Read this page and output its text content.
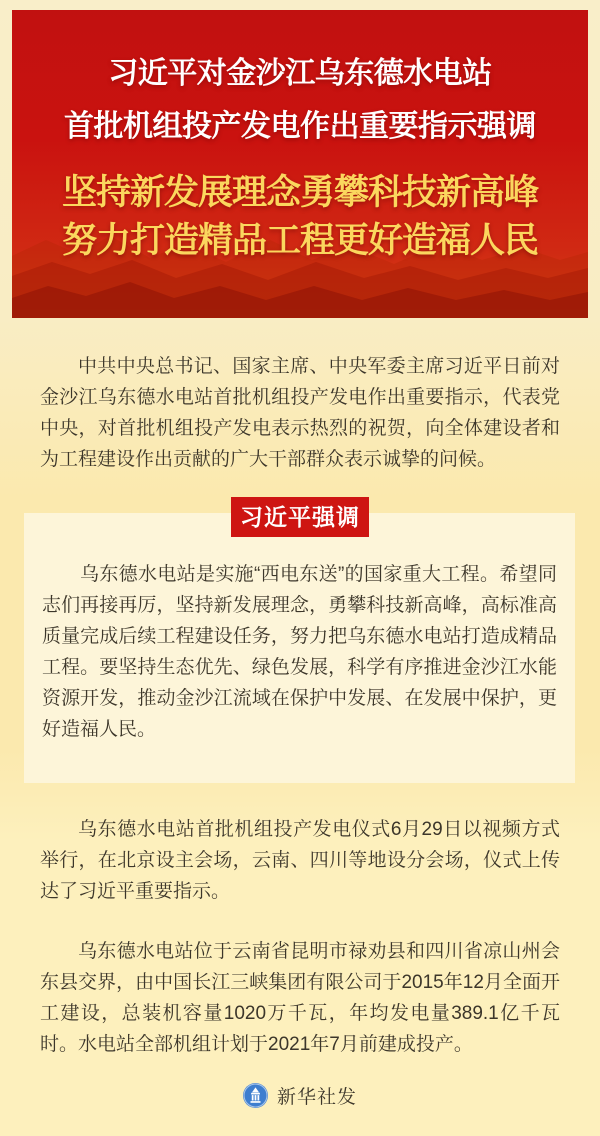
习近平对金沙江乌东德水电站
首批机组投产发电作出重要指示强调
坚持新发展理念勇攀科技新高峰
努力打造精品工程更好造福人民

中共中央总书记、国家主席、中央军委主席习近平日前对金沙江乌东德水电站首批机组投产发电作出重要指示，代表党中央，对首批机组投产发电表示热烈的祝贺，向全体建设者和为工程建设作出贡献的广大干部群众表示诚挚的问候。

习近平强调

乌东德水电站是实施“西电东送”的国家重大工程。希望同志们再接再厉，坚持新发展理念，勇攀科技新高峰，高标准高质量完成后续工程建设任务，努力把乌东德水电站打造成精品工程。要坚持生态优先、绿色发展，科学有序推进金沙江水能资源开发，推动金沙江流域在保护中发展、在发展中保护，更好造福人民。

乌东德水电站首批机组投产发电仪式6月29日以视频方式举行，在北京设主会场，云南、四川等地设分会场，仪式上传达了习近平重要指示。

乌东德水电站位于云南省昆明市禄劝县和四川省凉山州会东县交界，由中国长江三峡集团有限公司于2015年12月全面开工建设，总装机容量1020万千瓦，年均发电量389.1亿千瓦时。水电站全部机组计划于2021年7月前建成投产。

新华社发
